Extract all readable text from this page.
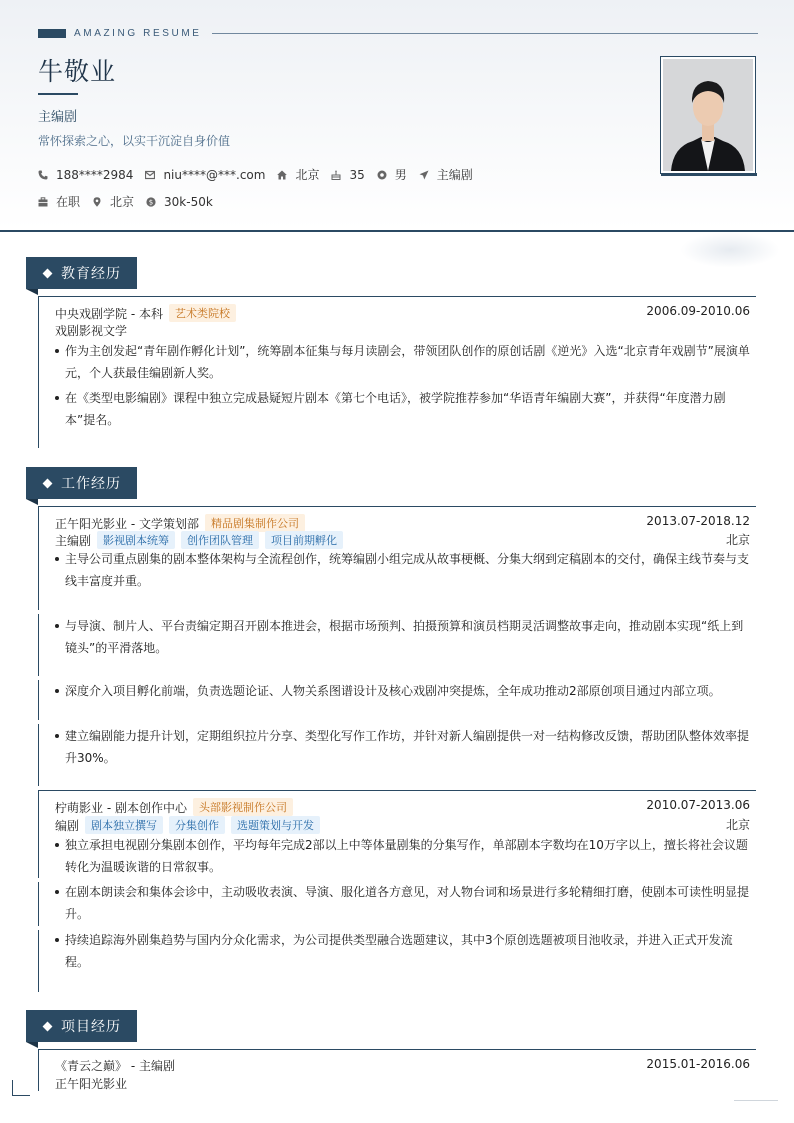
AMAZING RESUME
牛敬业
主编剧
常怀探索之心，以实干沉淀自身价值
188****2984	niu****@***.com	北京	35	男	主编剧
在职	北京 $ 30k-50k
教育经历
中央戏剧学院 - 本科	艺术类院校	2006.09-2010.06
戏剧影视文学
作为主创发起“青年剧作孵化计划”，统筹剧本征集与每月读剧会，带领团队创作的原创话剧《逆光》入选“北京青年戏剧节”展演单元，个人获最佳编剧新人奖。
在《类型电影编剧》课程中独立完成悬疑短片剧本《第七个电话》，被学院推荐参加“华语青年编剧大赛”，并获得“年度潜力剧本”提名。
工作经历
正午阳光影业 - 文学策划部	精品剧集制作公司	2013.07-2018.12
主编剧	影视剧本统筹	创作团队管理	项目前期孵化	北京
主导公司重点剧集的剧本整体架构与全流程创作，统筹编剧小组完成从故事梗概、分集大纲到定稿剧本的交付，确保主线节奏与支线丰富度并重。
与导演、制片人、平台责编定期召开剧本推进会，根据市场预判、拍摄预算和演员档期灵活调整故事走向，推动剧本实现“纸上到镜头”的平滑落地。
深度介入项目孵化前端，负责选题论证、人物关系图谱设计及核心戏剧冲突提炼，全年成功推动2部原创项目通过内部立项。
建立编剧能力提升计划，定期组织拉片分享、类型化写作工作坊，并针对新人编剧提供一对一结构修改反馈，帮助团队整体效率提升30%。
柠萌影业 - 剧本创作中心	头部影视制作公司	2010.07-2013.06
编剧	剧本独立撰写	分集创作	选题策划与开发	北京
独立承担电视剧分集剧本创作，平均每年完成2部以上中等体量剧集的分集写作，单部剧本字数均在10万字以上，擅长将社会议题转化为温暖诙谐的日常叙事。
在剧本朗读会和集体会诊中，主动吸收表演、导演、服化道各方意见，对人物台词和场景进行多轮精细打磨，使剧本可读性明显提升。
持续追踪海外剧集趋势与国内分众化需求，为公司提供类型融合选题建议，其中3个原创选题被项目池收录，并进入正式开发流程。
项目经历
《青云之巅》 - 主编剧	2015.01-2016.06
正午阳光影业
